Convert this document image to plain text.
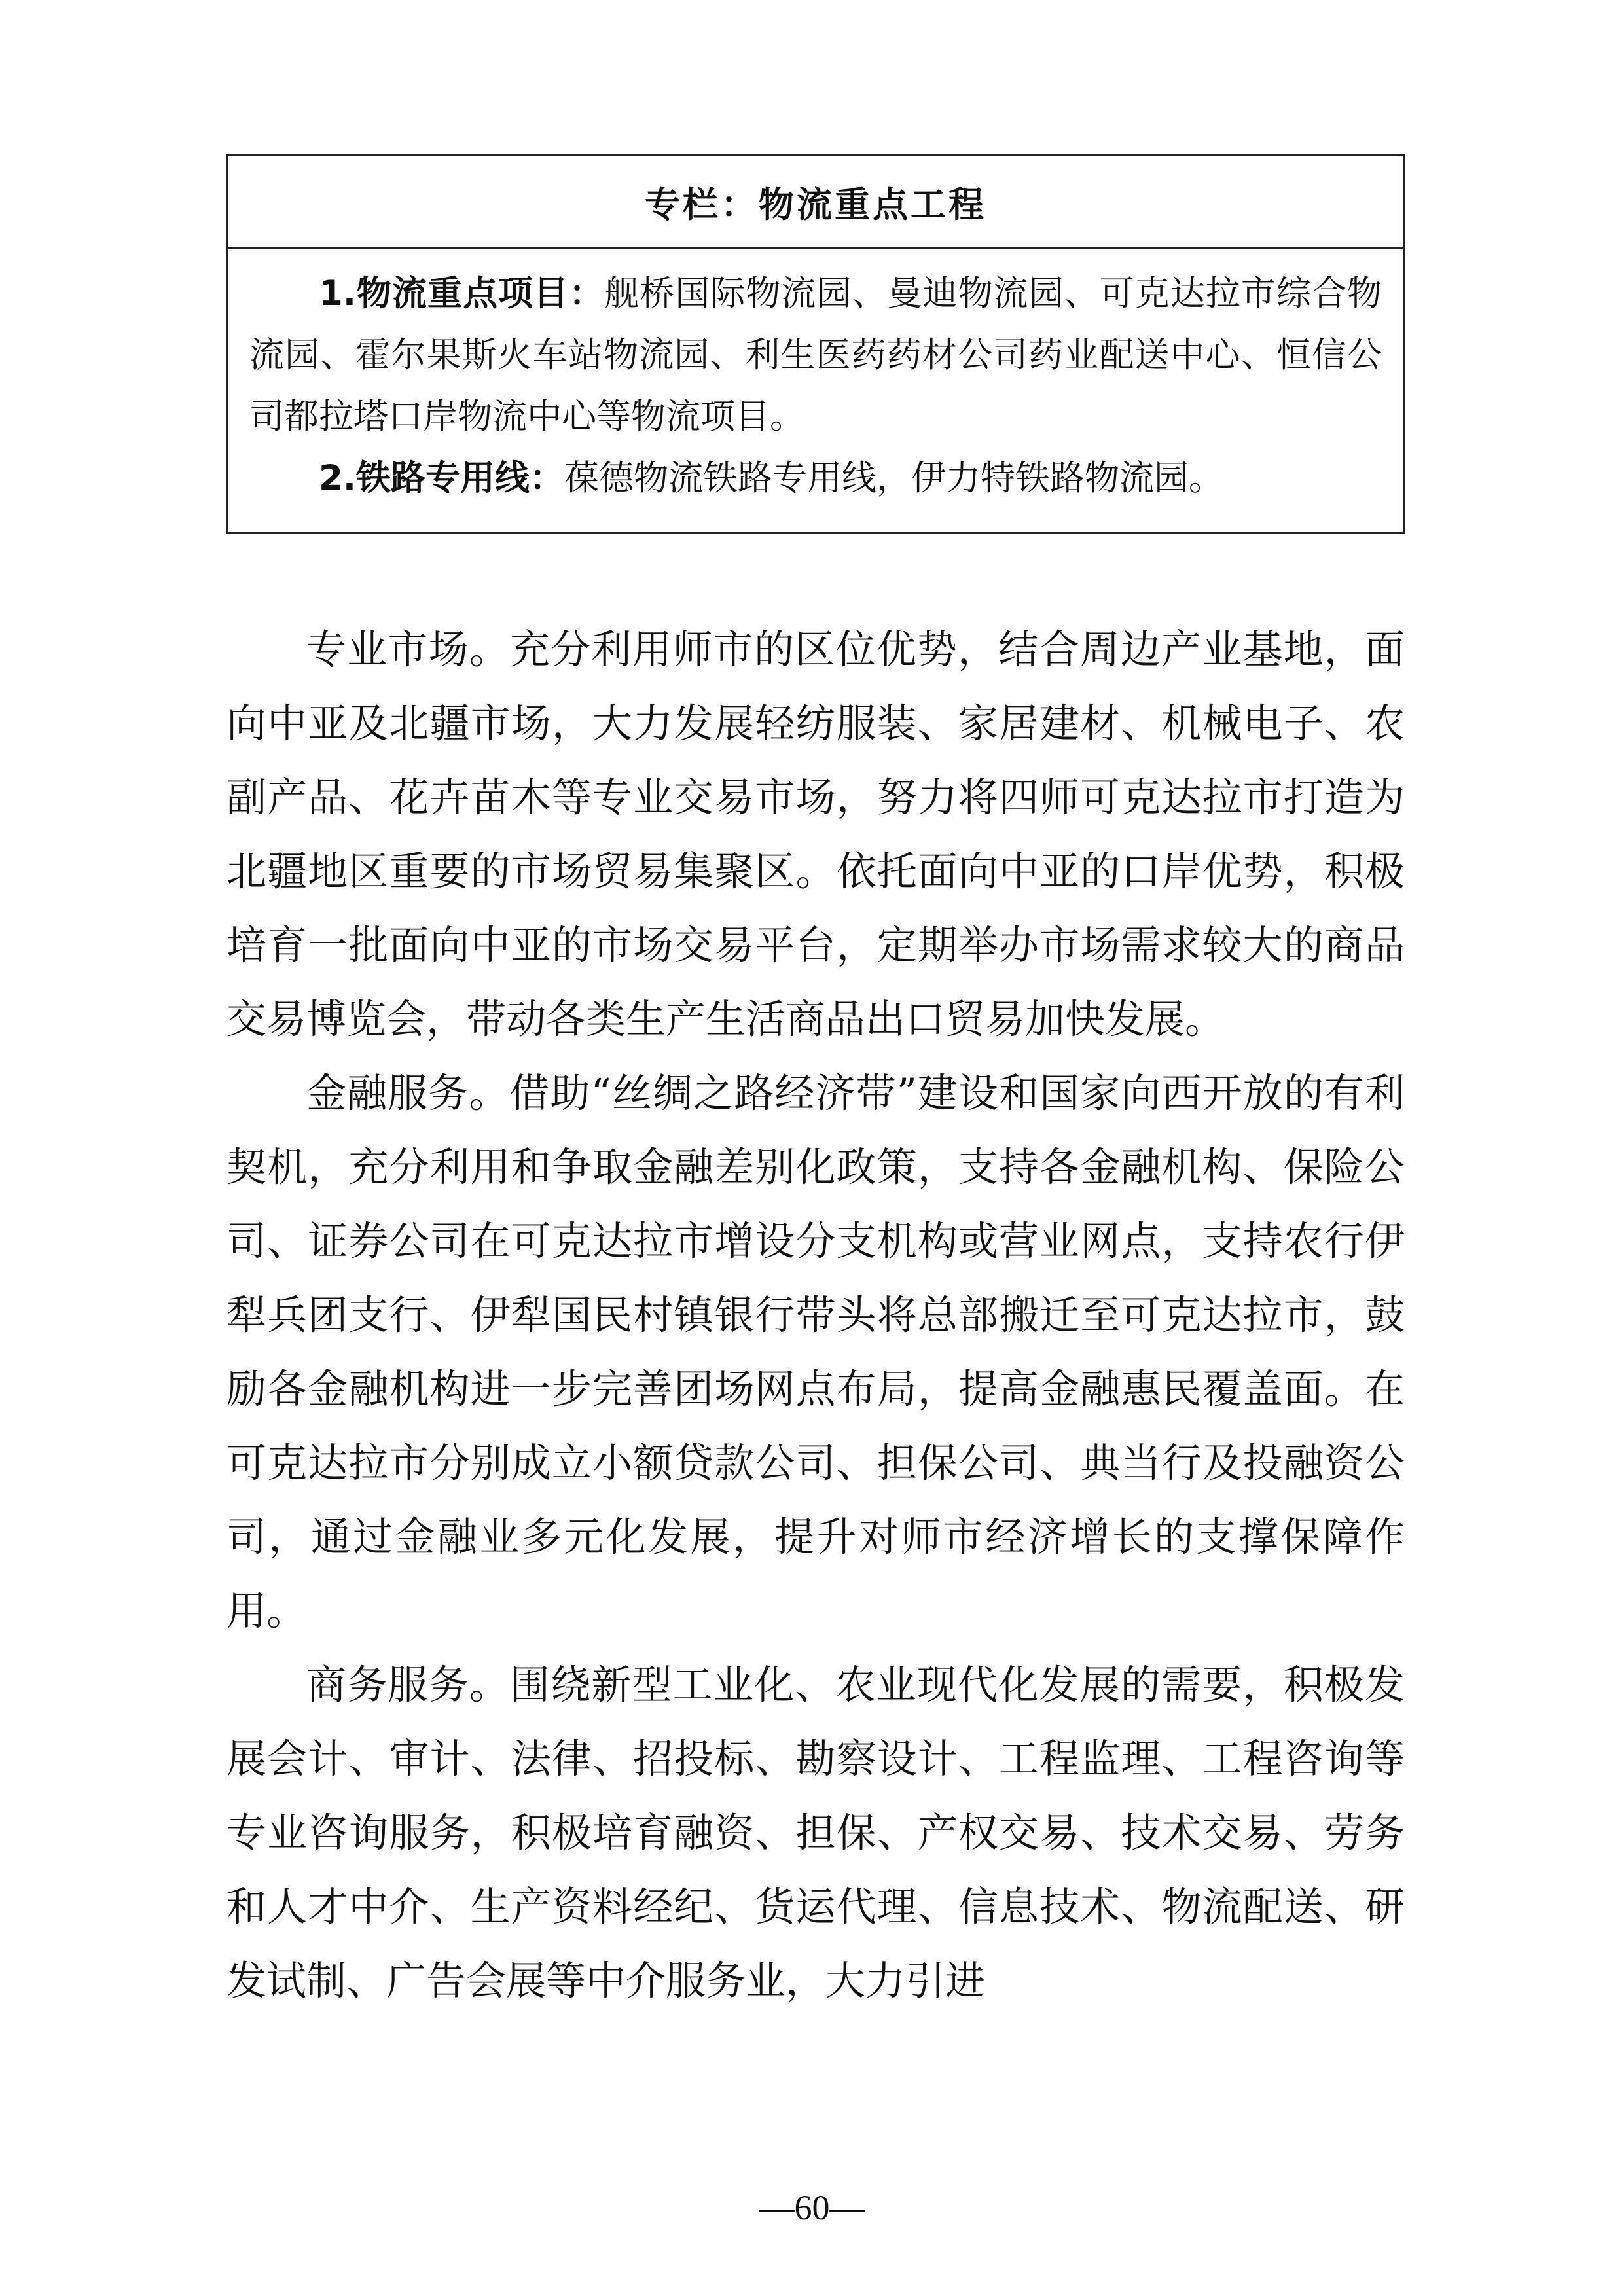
专栏：物流重点工程

1.物流重点项目：舰桥国际物流园、曼迪物流园、可克达拉市综合物流园、霍尔果斯火车站物流园、利生医药药材公司药业配送中心、恒信公司都拉塔口岸物流中心等物流项目。

2.铁路专用线：葆德物流铁路专用线，伊力特铁路物流园。

专业市场。充分利用师市的区位优势，结合周边产业基地，面向中亚及北疆市场，大力发展轻纺服装、家居建材、机械电子、农副产品、花卉苗木等专业交易市场，努力将四师可克达拉市打造为北疆地区重要的市场贸易集聚区。依托面向中亚的口岸优势，积极培育一批面向中亚的市场交易平台，定期举办市场需求较大的商品交易博览会，带动各类生产生活商品出口贸易加快发展。

金融服务。借助“丝绸之路经济带”建设和国家向西开放的有利契机，充分利用和争取金融差别化政策，支持各金融机构、保险公司、证券公司在可克达拉市增设分支机构或营业网点，支持农行伊犁兵团支行、伊犁国民村镇银行带头将总部搬迁至可克达拉市，鼓励各金融机构进一步完善团场网点布局，提高金融惠民覆盖面。在可克达拉市分别成立小额贷款公司、担保公司、典当行及投融资公司，通过金融业多元化发展，提升对师市经济增长的支撑保障作用。

商务服务。围绕新型工业化、农业现代化发展的需要，积极发展会计、审计、法律、招投标、勘察设计、工程监理、工程咨询等专业咨询服务，积极培育融资、担保、产权交易、技术交易、劳务和人才中介、生产资料经纪、货运代理、信息技术、物流配送、研发试制、广告会展等中介服务业，大力引进

—60—
